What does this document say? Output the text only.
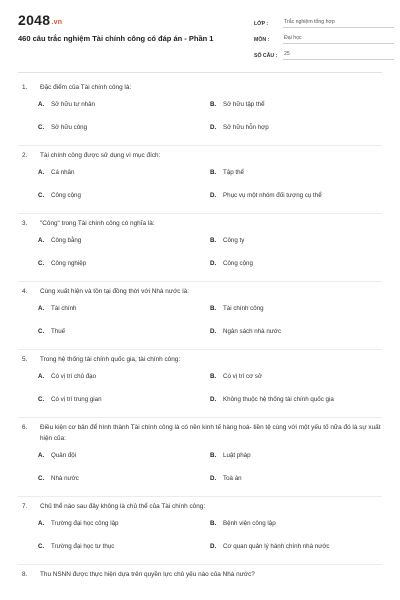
2048.vn
460 câu trắc nghiệm Tài chính công có đáp án - Phần 1
LỚP :	Trắc nghiệm tổng hợp
MÔN :	Đại học
SỐ CÂU :	25
1.	Đặc điểm của Tài chính công là:
A.	Sở hữu tư nhân	B.	Sở hữu tập thể
C.	Sở hữu công	D.	Sở hữu hỗn hợp
2.	Tài chính công được sử dụng vì mục đích:
A.	Cá nhân	B.	Tập thể
C.	Công cộng	D.	Phục vụ một nhóm đối tượng cụ thể
3.	"Công" trong Tài chính công có nghĩa là:
A.	Công bằng	B.	Công ty
C.	Công nghiệp	D.	Công cộng
4.	Cùng xuất hiện và tồn tại đồng thời với Nhà nước là:
A.	Tài chính	B.	Tài chính công
C.	Thuế	D.	Ngân sách nhà nước
5.	Trong hệ thống tài chính quốc gia, tài chính công:
A.	Có vị trí chủ đạo	B.	Có vị trí cơ sở
C.	Có vị trí trung gian	D.	Không thuộc hệ thống tài chính quốc gia
6.	Điều kiện cơ bản để hình thành Tài chính công là có nền kinh tế hàng hoá- tiền tệ cùng với một yếu tố nữa đó là sự xuất hiện của:
A.	Quân đội	B.	Luật pháp
C.	Nhà nước	D.	Toà án
7.	Chủ thể nào sau đây không là chủ thể của Tài chính công:
A.	Trường đại học công lập	B.	Bệnh viện công lập
C.	Trường đại học tư thục	D.	Cơ quan quản lý hành chính nhà nước
8.	Thu NSNN được thực hiện dựa trên quyền lực chủ yếu nào của Nhà nước?
